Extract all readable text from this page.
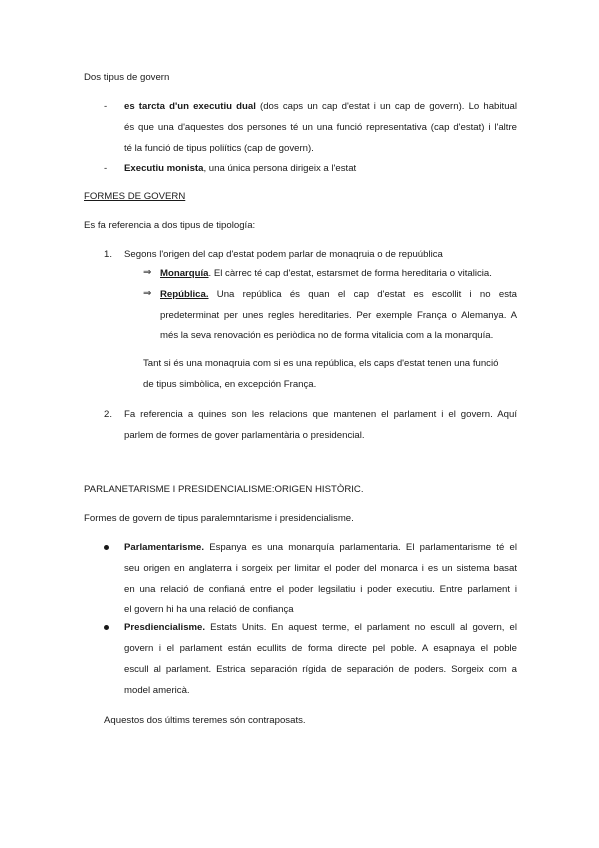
Dos tipus de govern
- es tarcta d'un executiu dual (dos caps un cap d'estat i un cap de govern). Lo habitual
és que una d'aquestes dos persones té un una funció representativa (cap d'estat) i l'altre
té la funció de tipus poliítics (cap de govern).
- Executiu monista, una única persona dirigeix a l'estat
FORMES DE GOVERN
Es fa referencia a dos tipus de tipología:
1. Segons l'origen del cap d'estat podem parlar de monaqruia o de repuública
⇒ Monarquía. El càrrec té cap d'estat, estarsmet de forma hereditaria o vitalicia.
⇒ República. Una república és quan el cap d'estat es escollit i no esta
predeterminat per unes regles hereditaries. Per exemple França o Alemanya. A
més la seva renovación es periòdica no de forma vitalicia com a la monarquía.
Tant si és una monaqruia com si es una república, els caps d'estat tenen una funció
de tipus simbòlica, en excepción França.
2. Fa referencia a quines son les relacions que mantenen el parlament i el govern. Aquí
parlem de formes de gover parlamentària o presidencial.
PARLANETARISME I PRESIDENCIALISME:ORIGEN HISTÒRIC.
Formes de govern de tipus paralemntarisme i presidencialisme.
Parlamentarisme. Espanya es una monarquía parlamentaria. El parlamentarisme té el
seu origen en anglaterra i sorgeix per limitar el poder del monarca i es un sistema basat
en una relació de confianá entre el poder legsilatiu i poder executiu. Entre parlament i
el govern hi ha una relació de confiança
Presdiencialisme. Estats Units. En aquest terme, el parlament no escull al govern, el
govern i el parlament están ecullits de forma directe pel poble. A esapnaya el poble
escull al parlament. Estrica separación rígida de separación de poders. Sorgeix com a
model americà.
Aquestos dos últims teremes són contraposats.
